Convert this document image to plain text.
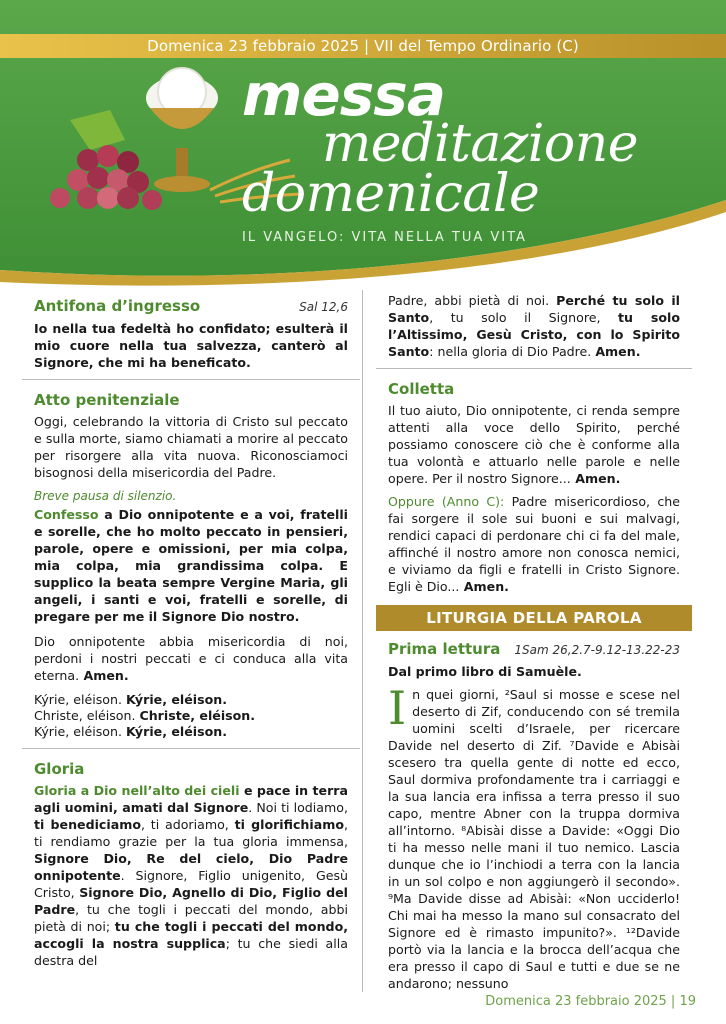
Domenica 23 febbraio 2025 | VII del Tempo Ordinario (C)
messa
meditazione
domenicale
IL VANGELO: VITA NELLA TUA VITA
Antifona d’ingresso	Sal 12,6

Io nella tua fedeltà ho confidato; esulterà il mio cuore nella tua salvezza, canterò al Signore, che mi ha beneficato.

Atto penitenziale

Oggi, celebrando la vittoria di Cristo sul peccato e sulla morte, siamo chiamati a morire al peccato per risorgere alla vita nuova. Riconosciamoci bisognosi della misericordia del Padre.

Breve pausa di silenzio.

Confesso a Dio onnipotente e a voi, fratelli e sorelle, che ho molto peccato in pensieri, parole, opere e omissioni, per mia colpa, mia colpa, mia grandissima colpa. E supplico la beata sempre Vergine Maria, gli angeli, i santi e voi, fratelli e sorelle, di pregare per me il Signore Dio nostro.

Dio onnipotente abbia misericordia di noi, perdoni i nostri peccati e ci conduca alla vita eterna. Amen.

Kýrie, eléison. Kýrie, eléison.

Christe, eléison. Christe, eléison.

Kýrie, eléison. Kýrie, eléison.

Gloria

Gloria a Dio nell’alto dei cieli e pace in terra agli uomini, amati dal Signore. Noi ti lodiamo, ti benediciamo, ti adoriamo, ti glorifichiamo, ti rendiamo grazie per la tua gloria immensa, Signore Dio, Re del cielo, Dio Padre onnipotente. Signore, Figlio unigenito, Gesù Cristo, Signore Dio, Agnello di Dio, Figlio del Padre, tu che togli i peccati del mondo, abbi pietà di noi; tu che togli i peccati del mondo, accogli la nostra supplica; tu che siedi alla destra del

Padre, abbi pietà di noi. Perché tu solo il Santo, tu solo il Signore, tu solo l’Altissimo, Gesù Cristo, con lo Spirito Santo: nella gloria di Dio Padre. Amen.

Colletta

Il tuo aiuto, Dio onnipotente, ci renda sempre attenti alla voce dello Spirito, perché possiamo conoscere ciò che è conforme alla tua volontà e attuarlo nelle parole e nelle opere. Per il nostro Signore... Amen.

Oppure (Anno C): Padre misericordioso, che fai sorgere il sole sui buoni e sui malvagi, rendici capaci di perdonare chi ci fa del male, affinché il nostro amore non conosca nemici, e viviamo da figli e fratelli in Cristo Signore. Egli è Dio... Amen.

LITURGIA DELLA PAROLA
Prima lettura 1Sam 26,2.7-9.12-13.22-23

Dal primo libro di Samuèle.

In quei giorni, ²Saul si mosse e scese nel deserto di Zif, conducendo con sé tremila uomini scelti d’Israele, per ricercare Davide nel deserto di Zif. ⁷Davide e Abisài scesero tra quella gente di notte ed ecco, Saul dormiva profondamente tra i carriaggi e la sua lancia era infissa a terra presso il suo capo, mentre Abner con la truppa dormiva all’intorno. ⁸Abisài disse a Davide: «Oggi Dio ti ha messo nelle mani il tuo nemico. Lascia dunque che io l’inchiodi a terra con la lancia in un sol colpo e non aggiungerò il secondo». ⁹Ma Davide disse ad Abisài: «Non ucciderlo! Chi mai ha messo la mano sul consacrato del Signore ed è rimasto impunito?». ¹²Davide portò via la lancia e la brocca dell’acqua che era presso il capo di Saul e tutti e due se ne andarono; nessuno

Domenica 23 febbraio 2025 | 19
